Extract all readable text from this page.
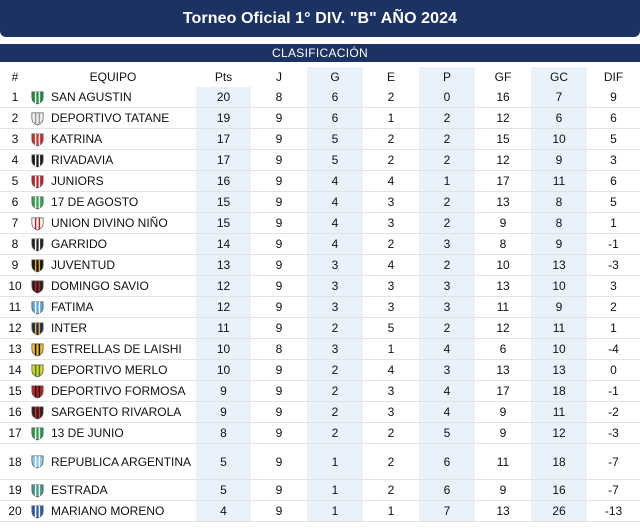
Torneo Oficial 1° DIV. "B" AÑO 2024
CLASIFICACIÓN
#	EQUIPO	Pts	J	G	E	P	GF	GC	DIF
1	SAN AGUSTIN	20	8	6	2	0	16	7	9
2	DEPORTIVO TATANE	19	9	6	1	2	12	6	6
3	KATRINA	17	9	5	2	2	15	10	5
4	RIVADAVIA	17	9	5	2	2	12	9	3
5	JUNIORS	16	9	4	4	1	17	11	6
6	17 DE AGOSTO	15	9	4	3	2	13	8	5
7	UNION DIVINO NIÑO	15	9	4	3	2	9	8	1
8	GARRIDO	14	9	4	2	3	8	9	-1
9	JUVENTUD	13	9	3	4	2	10	13	-3
10	DOMINGO SAVIO	12	9	3	3	3	13	10	3
11	FATIMA	12	9	3	3	3	11	9	2
12	INTER	11	9	2	5	2	12	11	1
13	ESTRELLAS DE LAISHI	10	8	3	1	4	6	10	-4
14	DEPORTIVO MERLO	10	9	2	4	3	13	13	0
15	DEPORTIVO FORMOSA	9	9	2	3	4	17	18	-1
16	SARGENTO RIVAROLA	9	9	2	3	4	9	11	-2
17	13 DE JUNIO	8	9	2	2	5	9	12	-3
18	REPUBLICA ARGENTINA	5	9	1	2	6	11	18	-7
19	ESTRADA	5	9	1	2	6	9	16	-7
20	MARIANO MORENO	4	9	1	1	7	13	26	-13
